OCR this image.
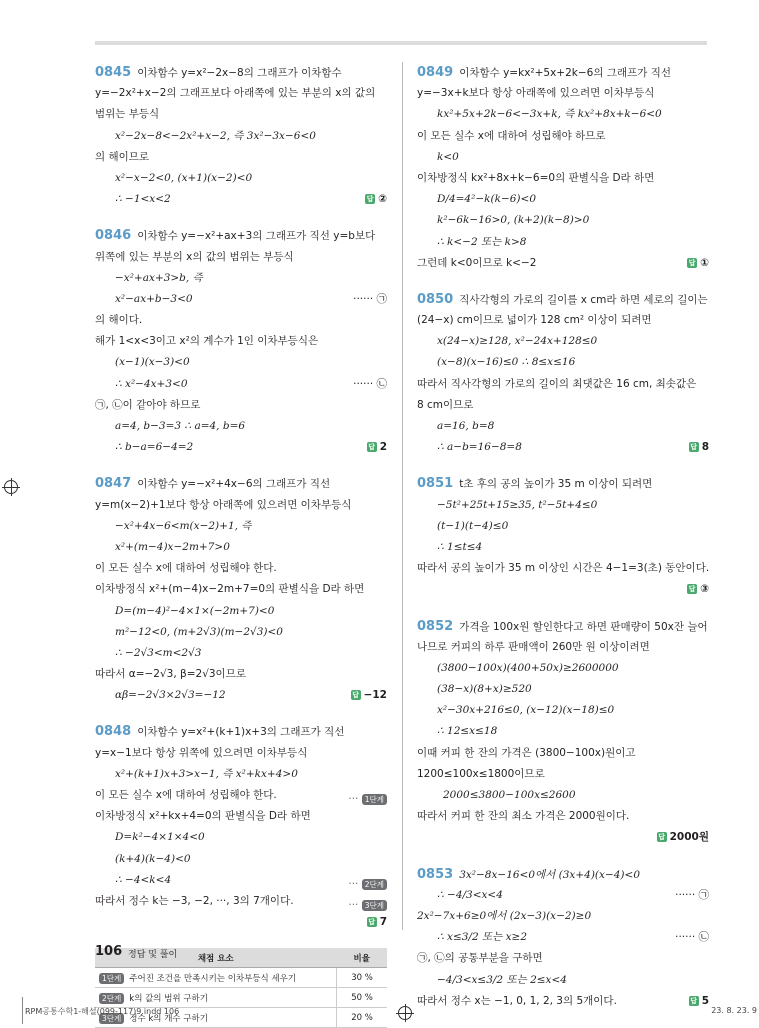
0845 이차함수 y=x²−2x−8의 그래프가 이차함수
y=−2x²+x−2의 그래프보다 아래쪽에 있는 부분의 x의 값의
범위는 부등식
x²−2x−8<−2x²+x−2, 즉 3x²−3x−6<0
의 해이므로
x²−x−2<0, (x+1)(x−2)<0
∴ −1<x<2	답 ②
0846 이차함수 y=−x²+ax+3의 그래프가 직선 y=b보다
위쪽에 있는 부분의 x의 값의 범위는 부등식
−x²+ax+3>b, 즉
x²−ax+b−3<0	······ ㉠
의 해이다.
해가 1<x<3이고 x²의 계수가 1인 이차부등식은
(x−1)(x−3)<0
∴ x²−4x+3<0	······ ㉡
㉠, ㉡이 같아야 하므로
a=4, b−3=3 ∴ a=4, b=6
∴ b−a=6−4=2	답 2
0847 이차함수 y=−x²+4x−6의 그래프가 직선
y=m(x−2)+1보다 항상 아래쪽에 있으려면 이차부등식
−x²+4x−6<m(x−2)+1, 즉
x²+(m−4)x−2m+7>0
이 모든 실수 x에 대하여 성립해야 한다.
이차방정식 x²+(m−4)x−2m+7=0의 판별식을 D라 하면
D=(m−4)²−4×1×(−2m+7)<0
m²−12<0, (m+2√3)(m−2√3)<0
∴ −2√3<m<2√3
따라서 α=−2√3, β=2√3이므로
αβ=−2√3×2√3=−12	답 −12
0848 이차함수 y=x²+(k+1)x+3의 그래프가 직선
y=x−1보다 항상 위쪽에 있으려면 이차부등식
x²+(k+1)x+3>x−1, 즉 x²+kx+4>0
이 모든 실수 x에 대하여 성립해야 한다.	··· 1단계
이차방정식 x²+kx+4=0의 판별식을 D라 하면
D=k²−4×1×4<0
(k+4)(k−4)<0
∴ −4<k<4	··· 2단계
따라서 정수 k는 −3, −2, ···, 3의 7개이다.	··· 3단계
답 7
채점 요소	비율
1단계 주어진 조건을 만족시키는 이차부등식 세우기	30 %
2단계 k의 값의 범위 구하기	50 %
3단계 정수 k의 개수 구하기	20 %
0849 이차함수 y=kx²+5x+2k−6의 그래프가 직선
y=−3x+k보다 항상 아래쪽에 있으려면 이차부등식
kx²+5x+2k−6<−3x+k, 즉 kx²+8x+k−6<0
이 모든 실수 x에 대하여 성립해야 하므로
k<0
이차방정식 kx²+8x+k−6=0의 판별식을 D라 하면
D/4=4²−k(k−6)<0
k²−6k−16>0, (k+2)(k−8)>0
∴ k<−2 또는 k>8
그런데 k<0이므로 k<−2	답 ①
0850 직사각형의 가로의 길이를 x cm라 하면 세로의 길이는
(24−x) cm이므로 넓이가 128 cm² 이상이 되려면
x(24−x)≥128, x²−24x+128≤0
(x−8)(x−16)≤0 ∴ 8≤x≤16
따라서 직사각형의 가로의 길이의 최댓값은 16 cm, 최솟값은
8 cm이므로
a=16, b=8
∴ a−b=16−8=8	답 8
0851 t초 후의 공의 높이가 35 m 이상이 되려면
−5t²+25t+15≥35, t²−5t+4≤0
(t−1)(t−4)≤0
∴ 1≤t≤4
따라서 공의 높이가 35 m 이상인 시간은 4−1=3(초) 동안이다.
답 ③
0852 가격을 100x원 할인한다고 하면 판매량이 50x잔 늘어
나므로 커피의 하루 판매액이 260만 원 이상이려면
(3800−100x)(400+50x)≥2600000
(38−x)(8+x)≥520
x²−30x+216≤0, (x−12)(x−18)≤0
∴ 12≤x≤18
이때 커피 한 잔의 가격은 (3800−100x)원이고
1200≤100x≤1800이므로
2000≤3800−100x≤2600
따라서 커피 한 잔의 최소 가격은 2000원이다.
답 2000원
0853 3x²−8x−16<0에서 (3x+4)(x−4)<0
∴ −4/3<x<4	······ ㉠
2x²−7x+6≥0에서 (2x−3)(x−2)≥0
∴ x≤3/2 또는 x≥2	······ ㉡
㉠, ㉡의 공통부분을 구하면
−4/3<x≤3/2 또는 2≤x<4
따라서 정수 x는 −1, 0, 1, 2, 3의 5개이다.	답 5
106 정답 및 풀이
RPM공통수학1-해설(099-117)9.indd 106	23. 8. 23. 9
